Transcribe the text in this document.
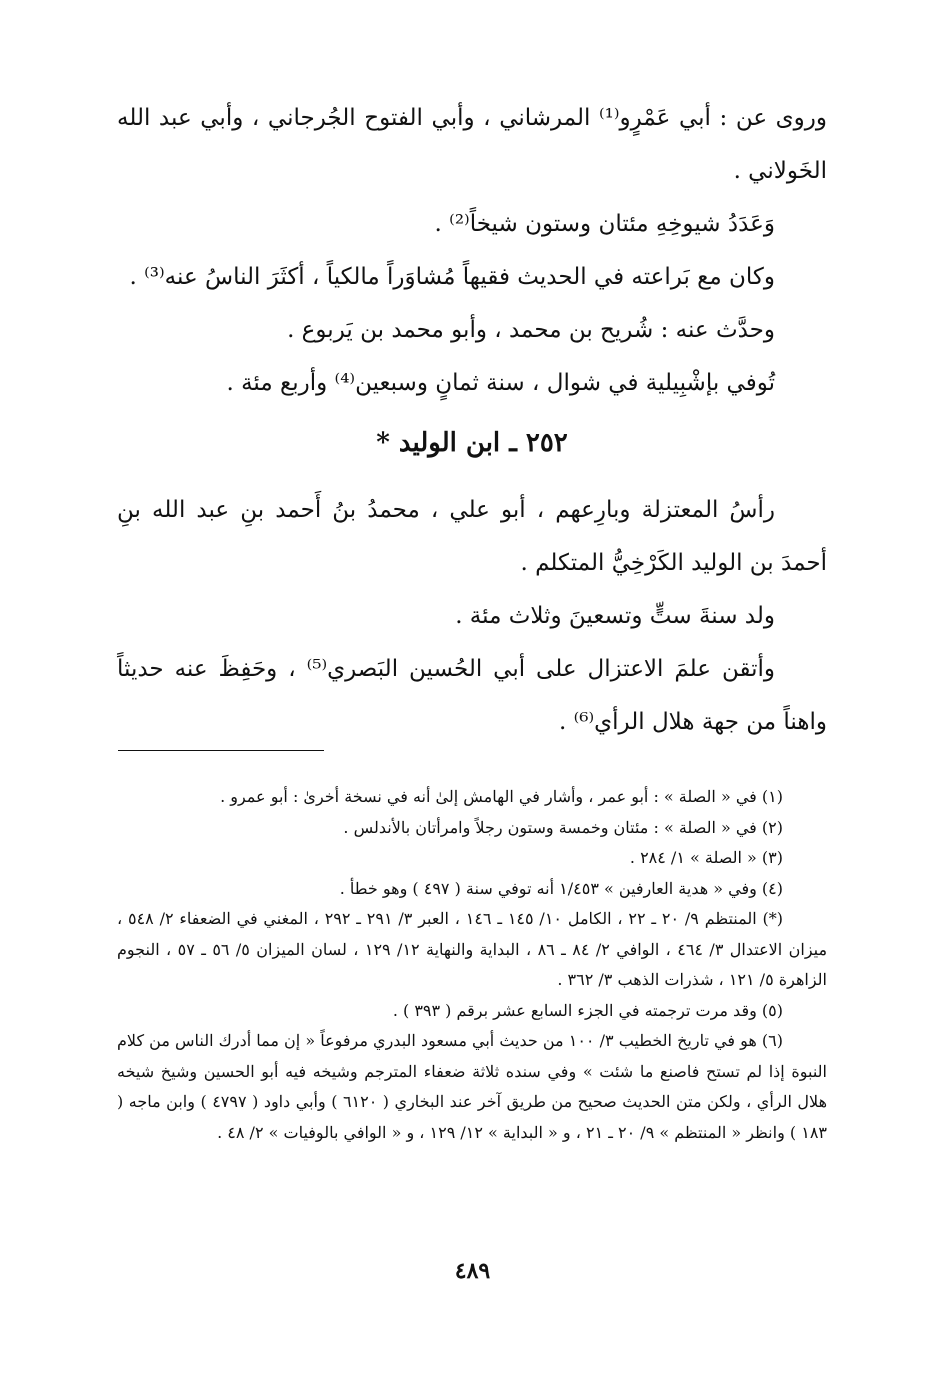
وروى عن : أبي عَمْرٍو⁽¹⁾ المرشاني ، وأبي الفتوح الجُرجاني ، وأبي عبد الله الخَولاني .

وَعَدَدُ شيوخِهِ مئتان وستون شيخاً⁽²⁾ .

وكان مع بَراعته في الحديث فقيهاً مُشاوَراً مالكياً ، أكثَرَ الناسُ عنه⁽³⁾ .

وحدَّث عنه : شُريح بن محمد ، وأبو محمد بن يَربوع .

تُوفي بإشْبِيلية في شوال ، سنة ثمانٍ وسبعين⁽⁴⁾ وأربع مئة .

٢٥٢ ـ ابن الوليد *

رأسُ المعتزلة وبارِعهم ، أبو علي ، محمدُ بنُ أَحمد بنِ عبد الله بنِ أحمدَ بن الوليد الكَرْخِيُّ المتكلم .

ولد سنةَ ستٍّ وتسعينَ وثلاث مئة .

وأتقن علمَ الاعتزال على أبي الحُسين البَصري⁽⁵⁾ ، وحَفِظَ عنه حديثاً واهناً من جهة هلال الرأي⁽⁶⁾ .

(١) في « الصلة » : أبو عمر ، وأشار في الهامش إلىٰ أنه في نسخة أخرىٰ : أبو عمرو .

(٢) في « الصلة » : مئتان وخمسة وستون رجلاً وامرأتان بالأندلس .

(٣) « الصلة » ١/ ٢٨٤ .

(٤) وفي « هدية العارفين » ١/٤٥٣ أنه توفي سنة ( ٤٩٧ ) وهو خطأ .

(*) المنتظم ٩/ ٢٠ ـ ٢٢ ، الكامل ١٠/ ١٤٥ ـ ١٤٦ ، العبر ٣/ ٢٩١ ـ ٢٩٢ ، المغني في الضعفاء ٢/ ٥٤٨ ، ميزان الاعتدال ٣/ ٤٦٤ ، الوافي ٢/ ٨٤ ـ ٨٦ ، البداية والنهاية ١٢/ ١٢٩ ، لسان الميزان ٥/ ٥٦ ـ ٥٧ ، النجوم الزاهرة ٥/ ١٢١ ، شذرات الذهب ٣/ ٣٦٢ .

(٥) وقد مرت ترجمته في الجزء السابع عشر برقم ( ٣٩٣ ) .

(٦) هو في تاريخ الخطيب ٣/ ١٠٠ من حديث أبي مسعود البدري مرفوعاً « إن مما أدرك الناس من كلام النبوة إذا لم تستح فاصنع ما شئت » وفي سنده ثلاثة ضعفاء المترجم وشيخه فيه أبو الحسين وشيخ شيخه هلال الرأي ، ولكن متن الحديث صحيح من طريق آخر عند البخاري ( ٦١٢٠ ) وأبي داود ( ٤٧٩٧ ) وابن ماجه ( ١٨٣ ) وانظر « المنتظم » ٩/ ٢٠ ـ ٢١ ، و « البداية » ١٢/ ١٢٩ ، و « الوافي بالوفيات » ٢/ ٤٨ .

٤٨٩
